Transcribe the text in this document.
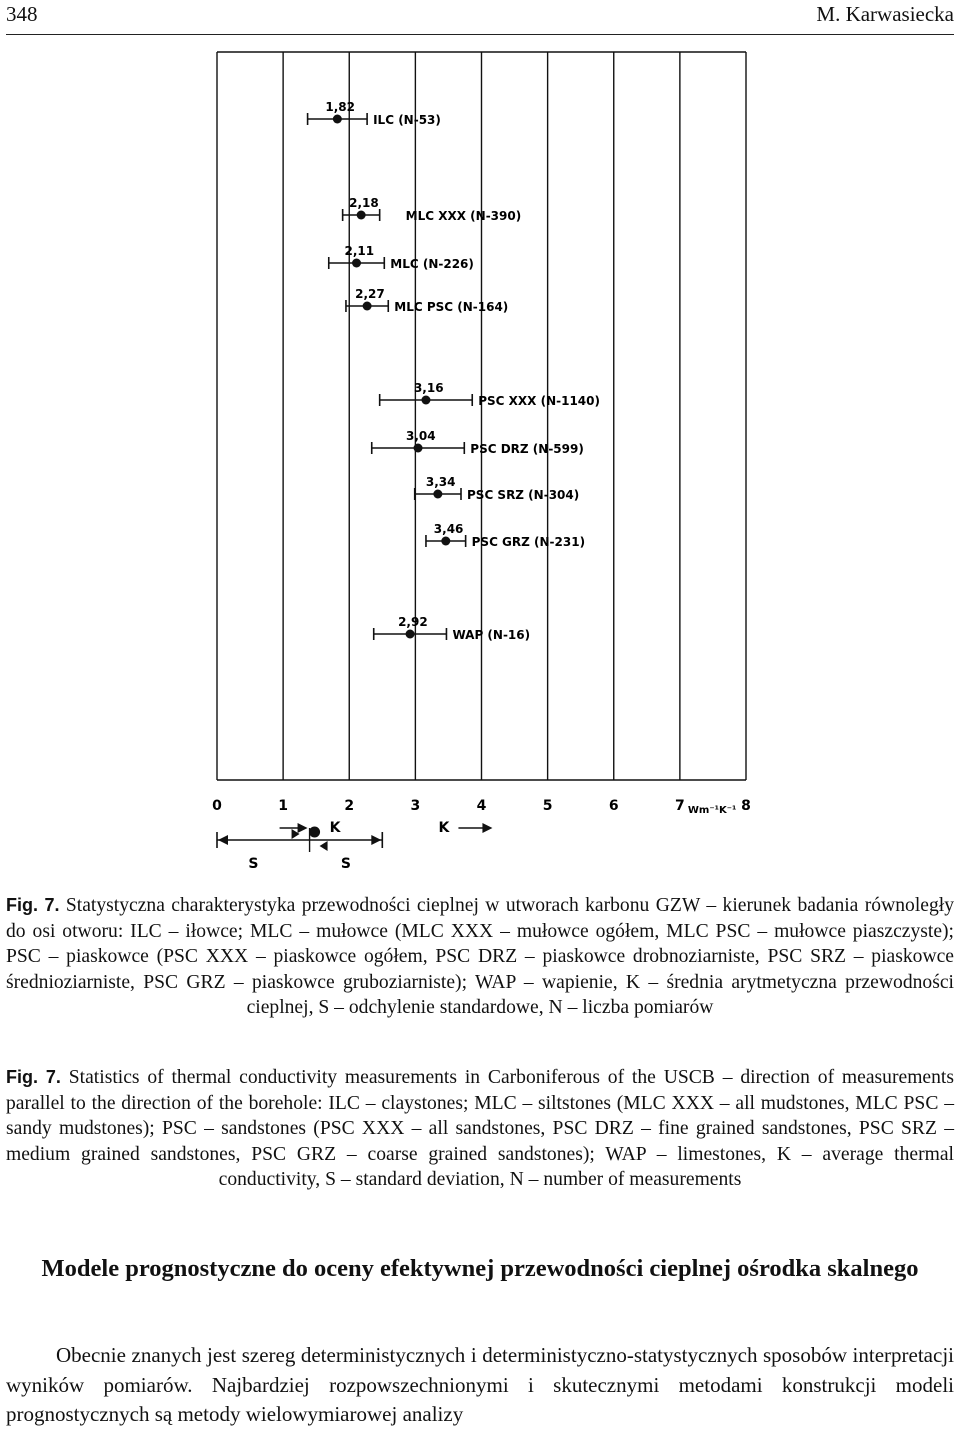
348	M. Karwasiecka
0	1	2	3	4	5	6	7	8
Wm⁻¹K⁻¹
1,82
ILC (N-53)
2,18
MLC XXX (N-390)
2,11
MLC (N-226)
2,27
MLC PSC (N-164)
3,16
PSC XXX (N-1140)
3,04
PSC DRZ (N-599)
3,34
PSC SRZ (N-304)
3,46
PSC GRZ (N-231)
2,92
WAP (N-16)
K
S	S
K

Fig. 7. Statystyczna charakterystyka przewodności cieplnej w utworach karbonu GZW – kierunek badania równoległy do osi otworu: ILC – iłowce; MLC – mułowce (MLC XXX – mułowce ogółem, MLC PSC – mułowce piaszczyste); PSC – piaskowce (PSC XXX – piaskowce ogółem, PSC DRZ – piaskowce drobnoziarniste, PSC SRZ – piaskowce średnioziarniste, PSC GRZ – piaskowce gruboziarniste); WAP – wapienie, K – średnia arytmetyczna przewodności cieplnej, S – odchylenie standardowe, N – liczba pomiarów

Fig. 7. Statistics of thermal conductivity measurements in Carboniferous of the USCB – direction of measurements parallel to the direction of the borehole: ILC – claystones; MLC – siltstones (MLC XXX – all mudstones, MLC PSC – sandy mudstones); PSC – sandstones (PSC XXX – all sandstones, PSC DRZ – fine grained sandstones, PSC SRZ – medium grained sandstones, PSC GRZ – coarse grained sandstones); WAP – limestones, K – average thermal conductivity, S – standard deviation, N – number of measurements

Modele prognostyczne do oceny efektywnej przewodności cieplnej ośrodka skalnego

Obecnie znanych jest szereg deterministycznych i deterministyczno-statystycznych sposobów interpretacji wyników pomiarów. Najbardziej rozpowszechnionymi i skutecznymi metodami konstrukcji modeli prognostycznych są metody wielowymiarowej analizy
